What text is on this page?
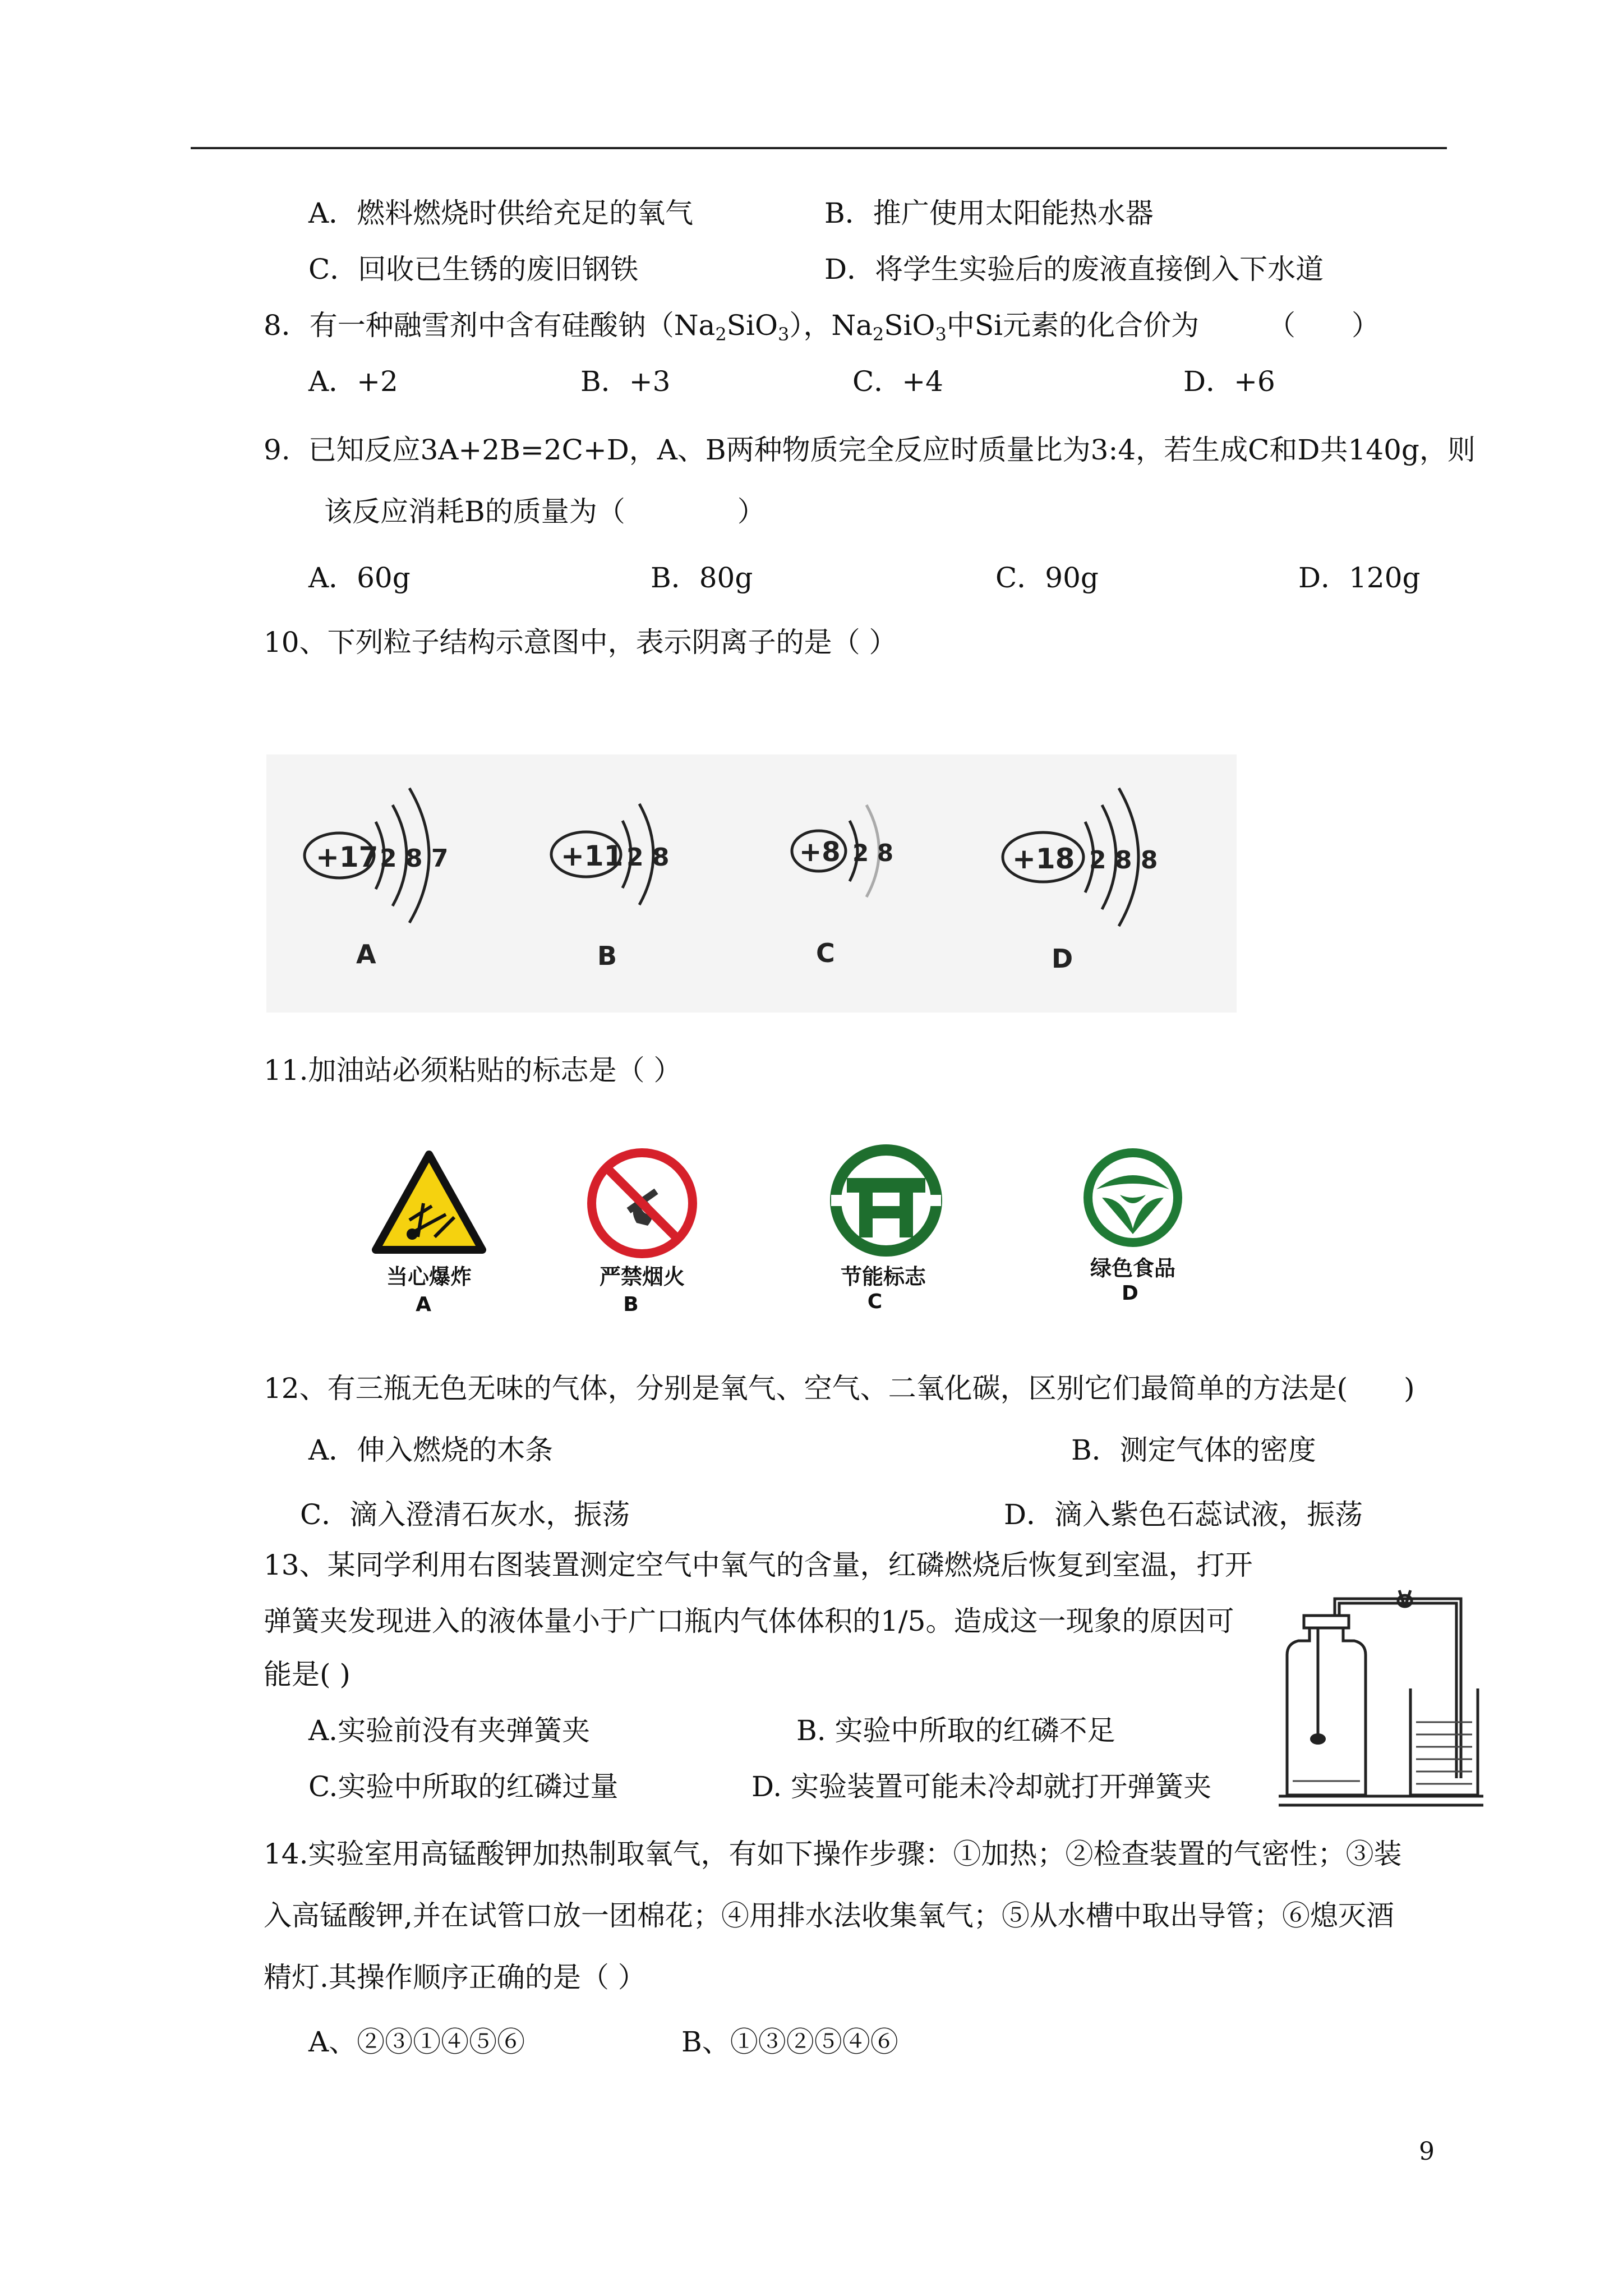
A．燃料燃烧时供给充足的氧气	B．推广使用太阳能热水器
C．回收已生锈的废旧钢铁	D．将学生实验后的废液直接倒入下水道
8．有一种融雪剂中含有硅酸钠$(Na_2SiO_3)$，$Na_2SiO_3$中Si元素的化合价为 （　　）
A．+2	B．+3	C．+4	D．+6
9.  已知反应3A+2B=2C+D，A、B两种物质完全反应时质量比为3:4，若生成C和D共140g，则
该反应消耗B的质量为（　　　　）
A．60g	B．80g	C．90g	D．120g
10、下列粒子结构示意图中，表示阴离子的是（ ）
+17 2 8 7
A
+11 2 8
B
+8 2 8
C
+18 2 8 8
D
11.加油站必须粘贴的标志是（ ）
当心爆炸
A
严禁烟火
B
节能标志
C
绿色食品
D
12、有三瓶无色无味的气体，分别是氧气、空气、二氧化碳，区别它们最简单的方法是(　　)
A．伸入燃烧的木条	B．测定气体的密度
C．滴入澄清石灰水，振荡	D．滴入紫色石蕊试液，振荡
13、某同学利用右图装置测定空气中氧气的含量，红磷燃烧后恢复到室温，打开
弹簧夹发现进入的液体量小于广口瓶内气体体积的1/5。造成这一现象的原因可
能是( )
A.实验前没有夹弹簧夹	B. 实验中所取的红磷不足
C.实验中所取的红磷过量	D. 实验装置可能未冷却就打开弹簧夹
14.实验室用高锰酸钾加热制取氧气，有如下操作步骤：①加热；②检查装置的气密性；③装
入高锰酸钾,并在试管口放一团棉花；④用排水法收集氧气；⑤从水槽中取出导管；⑥熄灭酒
精灯.其操作顺序正确的是（ ）
A、②③①④⑤⑥	B、①③②⑤④⑥
9
